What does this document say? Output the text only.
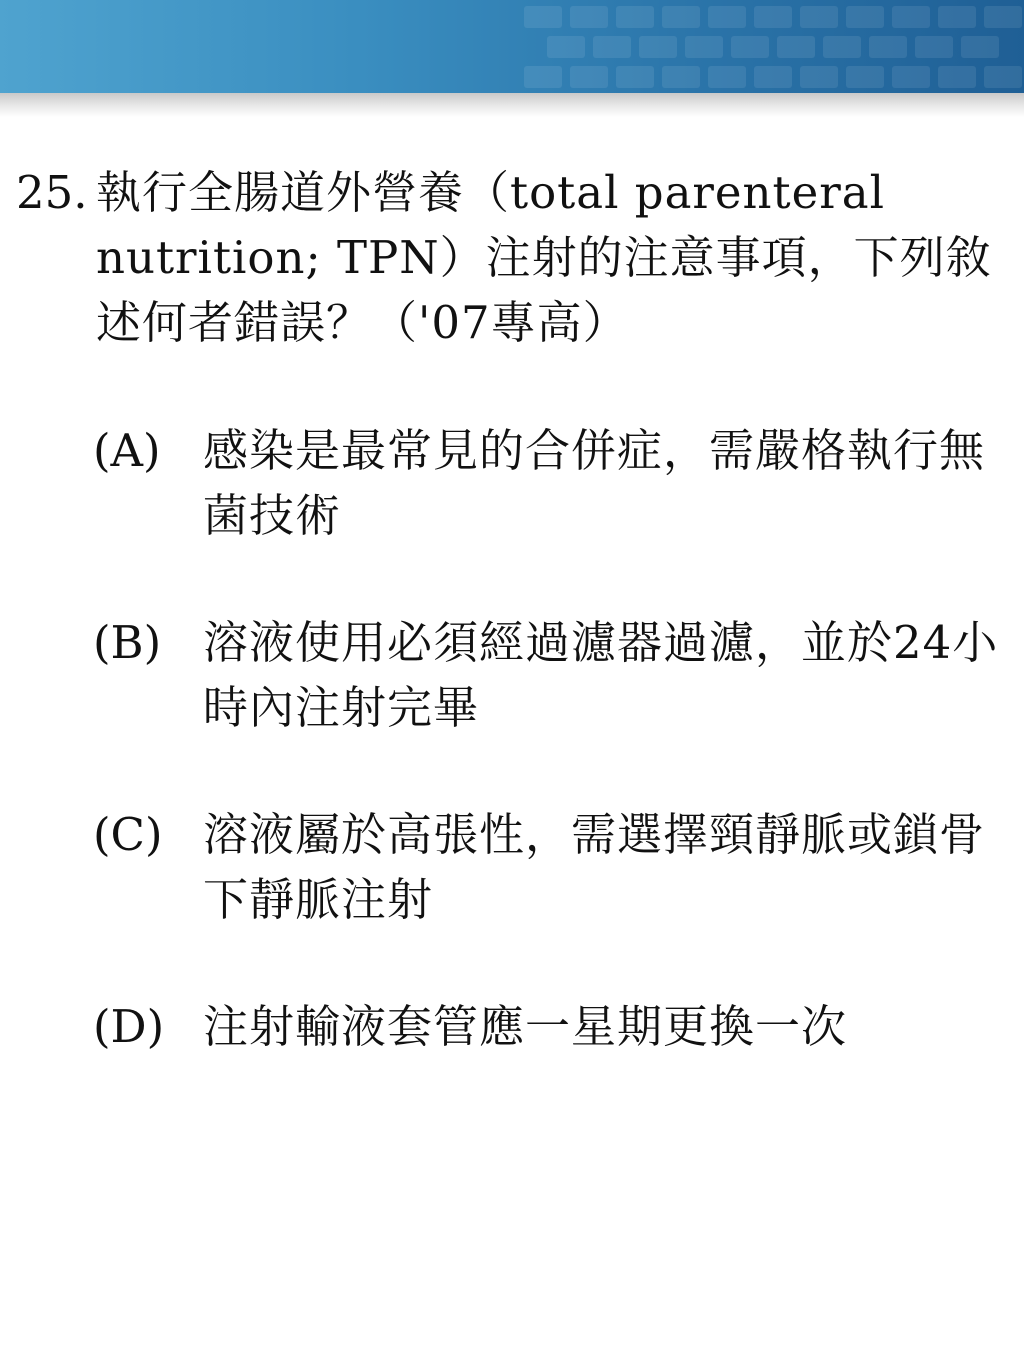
25. 執行全腸道外營養（total parenteral nutrition; TPN）注射的注意事項，下列敘述何者錯誤？（'07專高）
(A) 感染是最常見的合併症，需嚴格執行無菌技術
(B) 溶液使用必須經過濾器過濾，並於24小時內注射完畢
(C) 溶液屬於高張性，需選擇頸靜脈或鎖骨下靜脈注射
(D) 注射輸液套管應一星期更換一次
